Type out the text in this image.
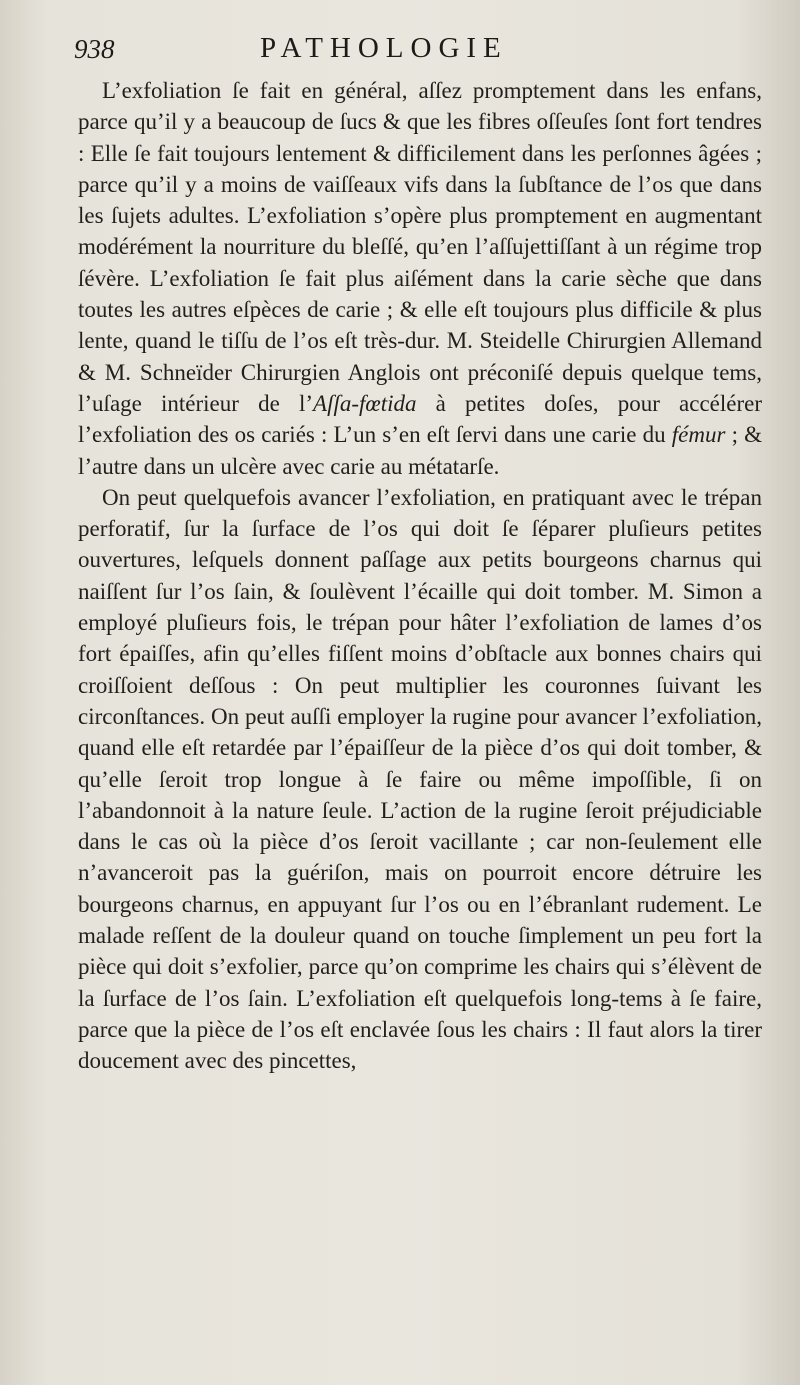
938	PATHOLOGIE

L’exfoliation ſe fait en général, aſſez promptement dans les enfans, parce qu’il y a beaucoup de ſucs & que les fibres oſſeuſes ſont fort tendres : Elle ſe fait toujours lentement & difficilement dans les perſonnes âgées ; parce qu’il y a moins de vaiſſeaux vifs dans la ſubſtance de l’os que dans les ſujets adultes. L’exfoliation s’opère plus promptement en augmentant modérément la nourriture du bleſſé, qu’en l’aſſujettiſſant à un régime trop ſévère. L’exfoliation ſe fait plus aiſément dans la carie sèche que dans toutes les autres eſpèces de carie ; & elle eſt toujours plus difficile & plus lente, quand le tiſſu de l’os eſt très-dur. M. Steidelle Chirurgien Allemand & M. Schneïder Chirurgien Anglois ont préconiſé depuis quelque tems, l’uſage intérieur de l’Aſſa-fœtida à petites doſes, pour accélérer l’exfoliation des os cariés : L’un s’en eſt ſervi dans une carie du fémur ; & l’autre dans un ulcère avec carie au métatarſe.

On peut quelquefois avancer l’exfoliation, en pratiquant avec le trépan perforatif, ſur la ſurface de l’os qui doit ſe ſéparer pluſieurs petites ouvertures, leſquels donnent paſſage aux petits bourgeons charnus qui naiſſent ſur l’os ſain, & ſoulèvent l’écaille qui doit tomber. M. Simon a employé pluſieurs fois, le trépan pour hâter l’exfoliation de lames d’os fort épaiſſes, afin qu’elles fiſſent moins d’obſtacle aux bonnes chairs qui croiſſoient deſſous : On peut multiplier les couronnes ſuivant les circonſtances. On peut auſſi employer la rugine pour avancer l’exfoliation, quand elle eſt retardée par l’épaiſſeur de la pièce d’os qui doit tomber, & qu’elle ſeroit trop longue à ſe faire ou même impoſſible, ſi on l’abandonnoit à la nature ſeule. L’action de la rugine ſeroit préjudiciable dans le cas où la pièce d’os ſeroit vacillante ; car non-ſeulement elle n’avanceroit pas la guériſon, mais on pourroit encore détruire les bourgeons charnus, en appuyant ſur l’os ou en l’ébranlant rudement. Le malade reſſent de la douleur quand on touche ſimplement un peu fort la pièce qui doit s’exfolier, parce qu’on comprime les chairs qui s’élèvent de la ſurface de l’os ſain. L’exfoliation eſt quelquefois long-tems à ſe faire, parce que la pièce de l’os eſt enclavée ſous les chairs : Il faut alors la tirer doucement avec des pincettes,
